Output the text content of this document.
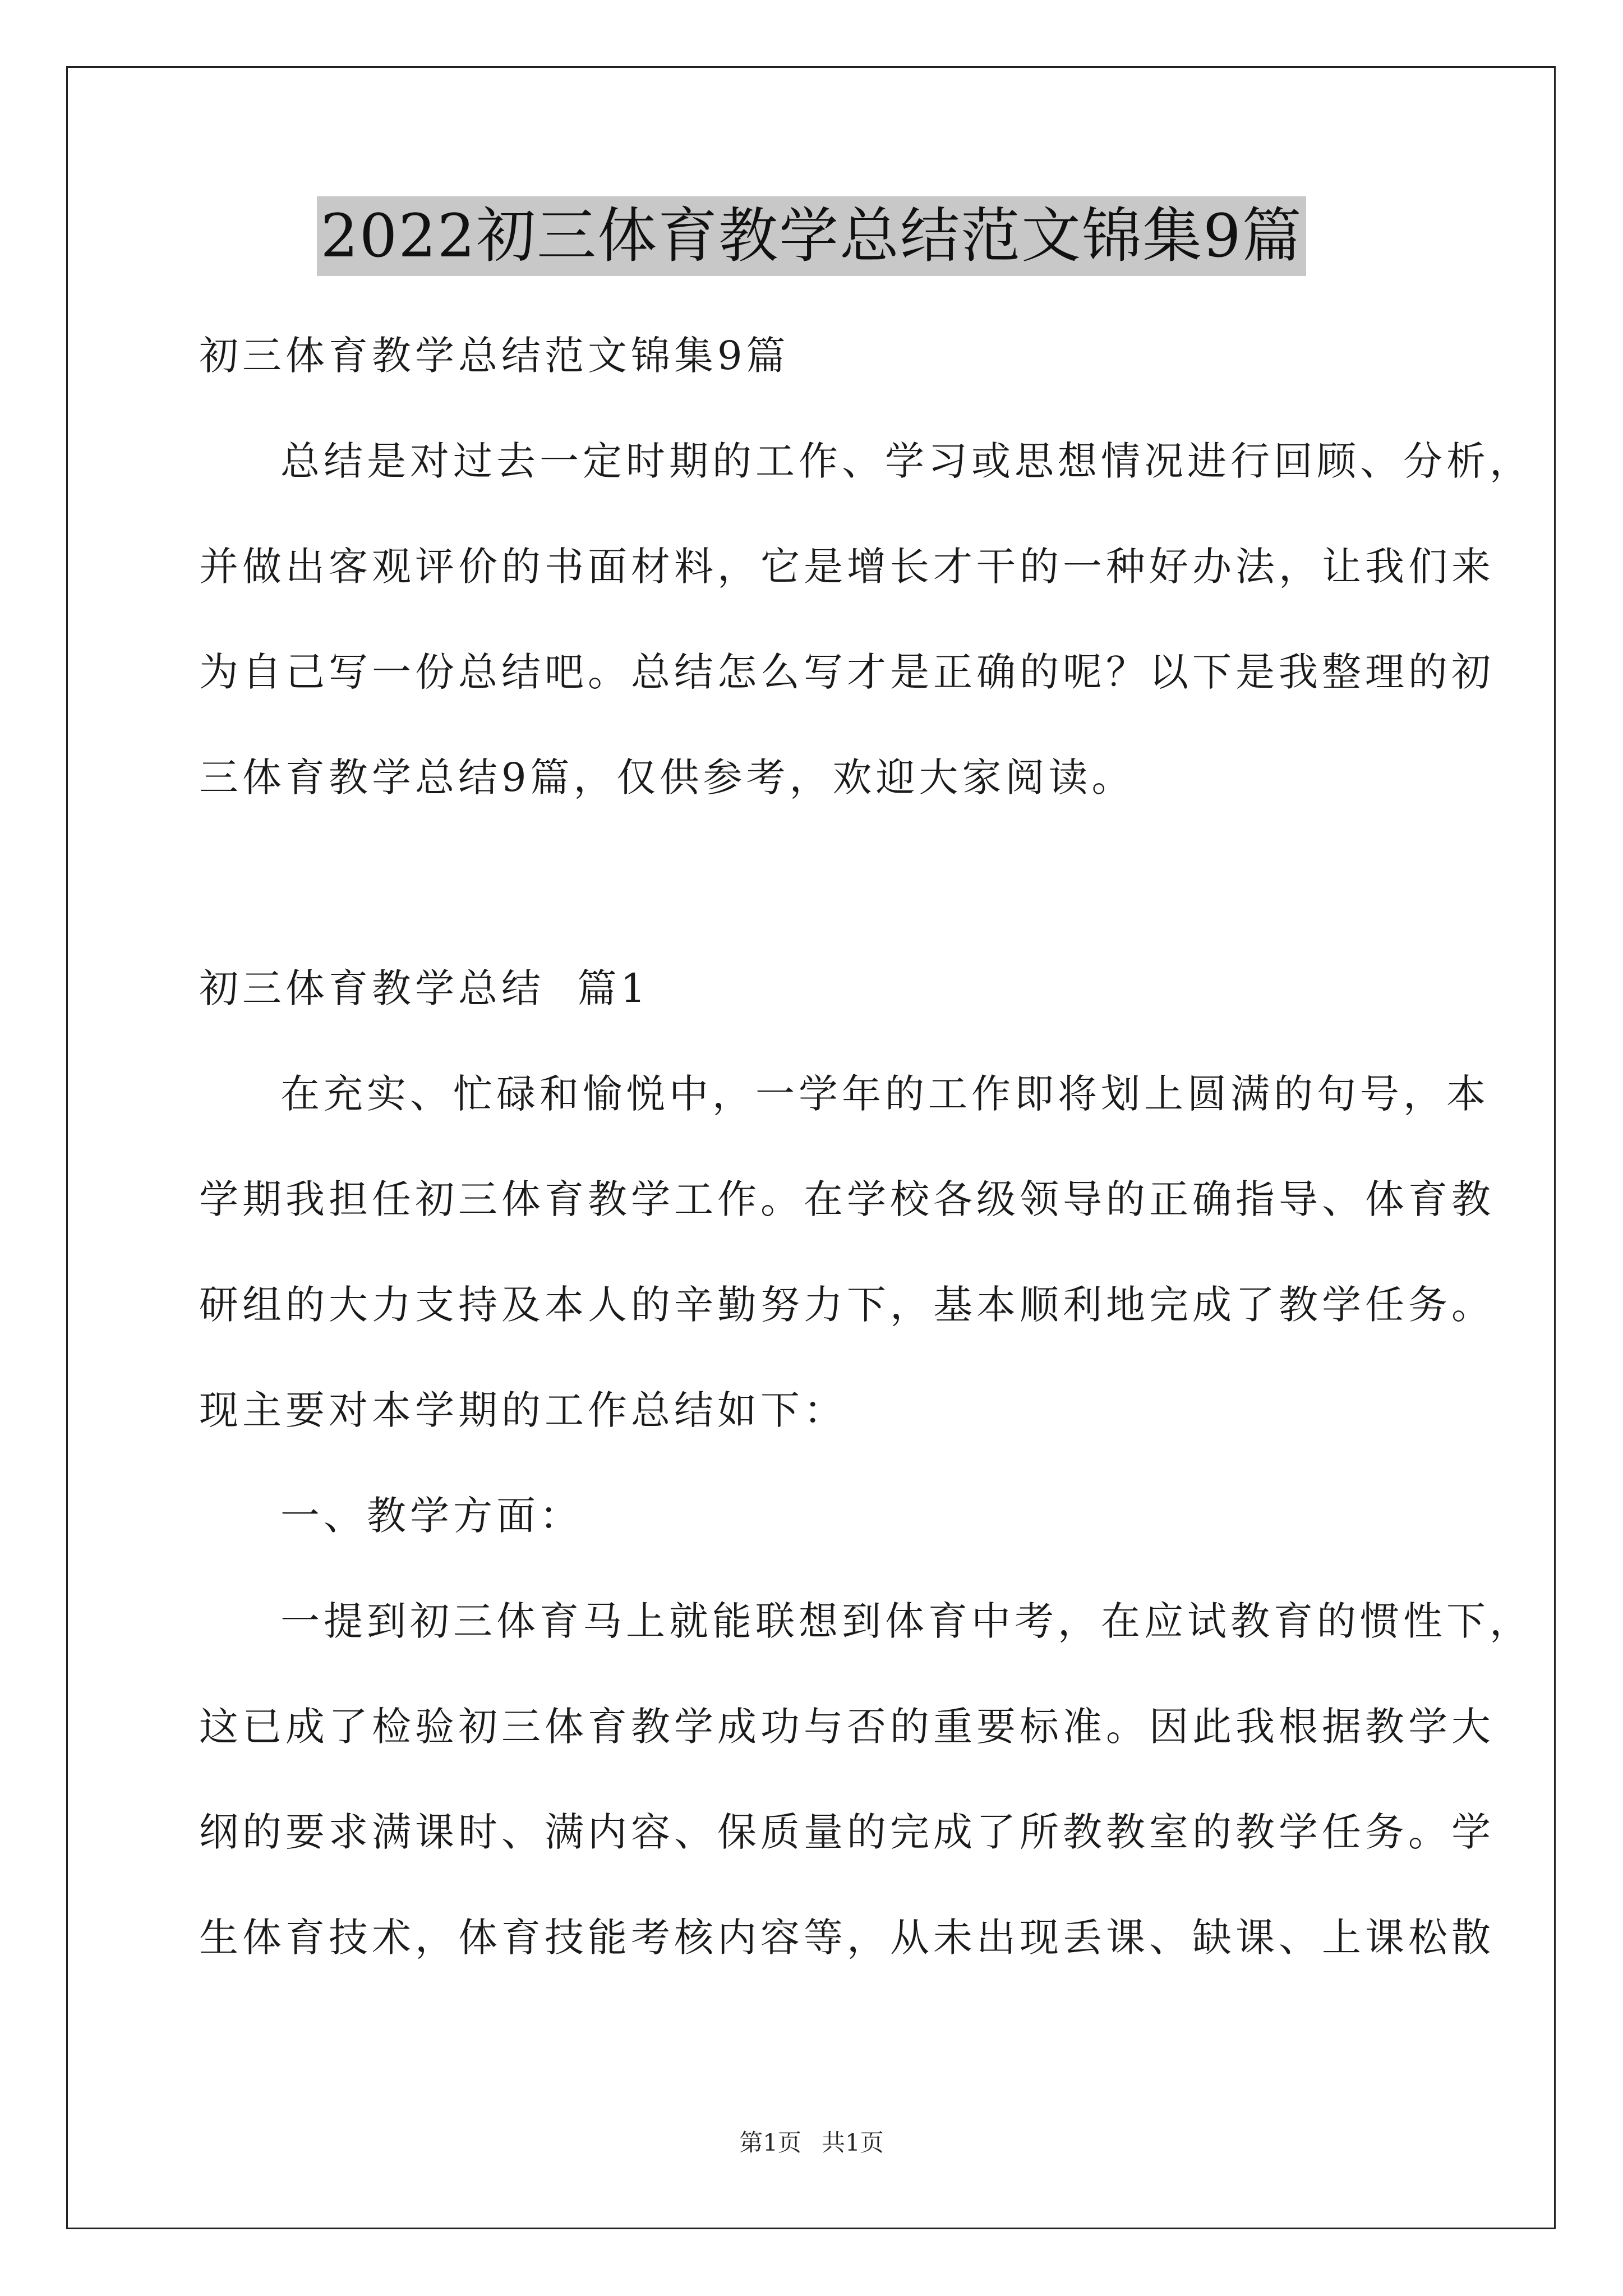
2022初三体育教学总结范文锦集9篇
初三体育教学总结范文锦集9篇
总结是对过去一定时期的工作、学习或思想情况进行回顾、分析，
并做出客观评价的书面材料，它是增长才干的一种好办法，让我们来
为自己写一份总结吧。总结怎么写才是正确的呢？以下是我整理的初
三体育教学总结9篇，仅供参考，欢迎大家阅读。
初三体育教学总结  篇1
在充实、忙碌和愉悦中，一学年的工作即将划上圆满的句号，本
学期我担任初三体育教学工作。在学校各级领导的正确指导、体育教
研组的大力支持及本人的辛勤努力下，基本顺利地完成了教学任务。
现主要对本学期的工作总结如下：
一、教学方面：
一提到初三体育马上就能联想到体育中考，在应试教育的惯性下，
这已成了检验初三体育教学成功与否的重要标准。因此我根据教学大
纲的要求满课时、满内容、保质量的完成了所教教室的教学任务。学
生体育技术，体育技能考核内容等，从未出现丢课、缺课、上课松散
第1页 共1页
